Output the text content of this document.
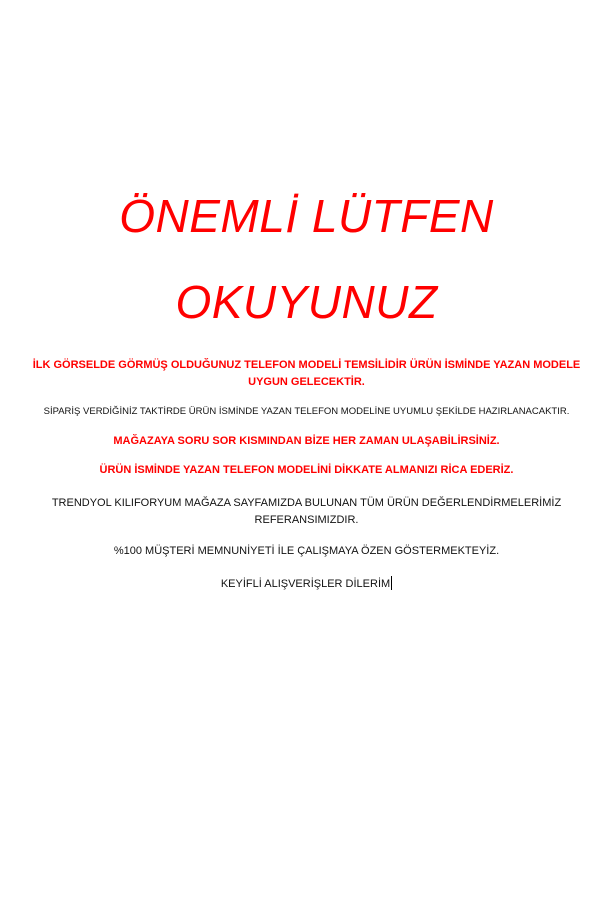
ÖNEMLİ LÜTFEN
OKUYUNUZ
İLK GÖRSELDE GÖRMÜŞ OLDUĞUNUZ TELEFON MODELİ TEMSİLİDİR ÜRÜN İSMİNDE YAZAN MODELE UYGUN GELECEKTİR.
SİPARİŞ VERDİĞİNİZ TAKTİRDE ÜRÜN İSMİNDE YAZAN TELEFON MODELİNE UYUMLU ŞEKİLDE HAZIRLANACAKTIR.
MAĞAZAYA SORU SOR KISMINDAN BİZE HER ZAMAN ULAŞABİLİRSİNİZ.
ÜRÜN İSMİNDE YAZAN TELEFON MODELİNİ DİKKATE ALMANIZI RİCA EDERİZ.
TRENDYOL KILIFORYUM MAĞAZA SAYFAMIZDA BULUNAN TÜM ÜRÜN DEĞERLENDİRMELERİMİZ REFERANSIMIZDIR.
%100 MÜŞTERİ MEMNUNİYETİ İLE ÇALIŞMAYA ÖZEN GÖSTERMEKTEYİZ.
KEYİFLİ ALIŞVERİŞLER DİLERİM
